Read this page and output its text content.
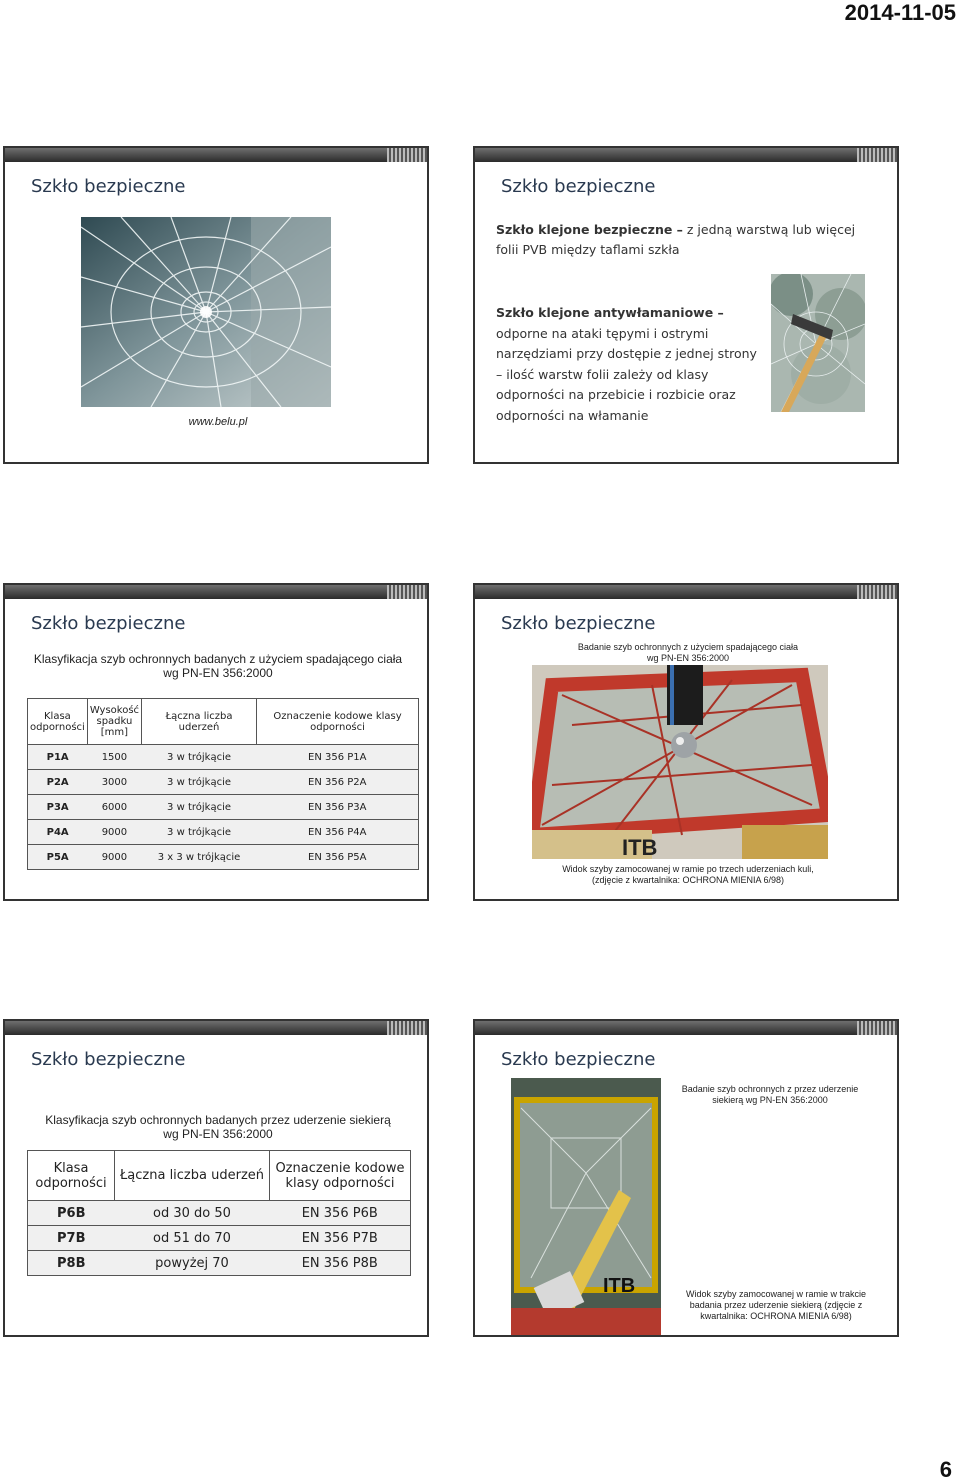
2014-11-05
Szkło bezpieczne
www.belu.pl
Szkło bezpieczne
Szkło klejone bezpieczne – z jedną warstwą lub więcej folii PVB między taflami szkła
Szkło klejone antywłamaniowe – odporne na ataki tępymi i ostrymi narzędziami przy dostępie z jednej strony – ilość warstw folii zależy od klasy odporności na przebicie i rozbicie oraz odporności na włamanie
Szkło bezpieczne
Klasyfikacja szyb ochronnych badanych z użyciem spadającego ciała
wg PN-EN 356:2000
Klasa odporności	Wysokość spadku [mm]	Łączna liczba uderzeń	Oznaczenie kodowe klasy odporności
P1A	1500	3 w trójkącie	EN 356 P1A
P2A	3000	3 w trójkącie	EN 356 P2A
P3A	6000	3 w trójkącie	EN 356 P3A
P4A	9000	3 w trójkącie	EN 356 P4A
P5A	9000	3 x 3 w trójkącie	EN 356 P5A
Szkło bezpieczne
Badanie szyb ochronnych z użyciem spadającego ciała
wg PN-EN 356:2000
ITB
Widok szyby zamocowanej w ramie po trzech uderzeniach kuli,
(zdjęcie z kwartalnika: OCHRONA MIENIA 6/98)
Szkło bezpieczne
Klasyfikacja szyb ochronnych badanych przez uderzenie siekierą
wg PN-EN 356:2000
Klasa odporności	Łączna liczba uderzeń	Oznaczenie kodowe klasy odporności
P6B	od 30 do 50	EN 356 P6B
P7B	od 51 do 70	EN 356 P7B
P8B	powyżej 70	EN 356 P8B
Szkło bezpieczne
Badanie szyb ochronnych z przez uderzenie
siekierą wg PN-EN 356:2000
ITB	Widok szyby zamocowanej w ramie w trakcie
badania przez uderzenie siekierą (zdjęcie z
kwartalnika: OCHRONA MIENIA 6/98)
6
